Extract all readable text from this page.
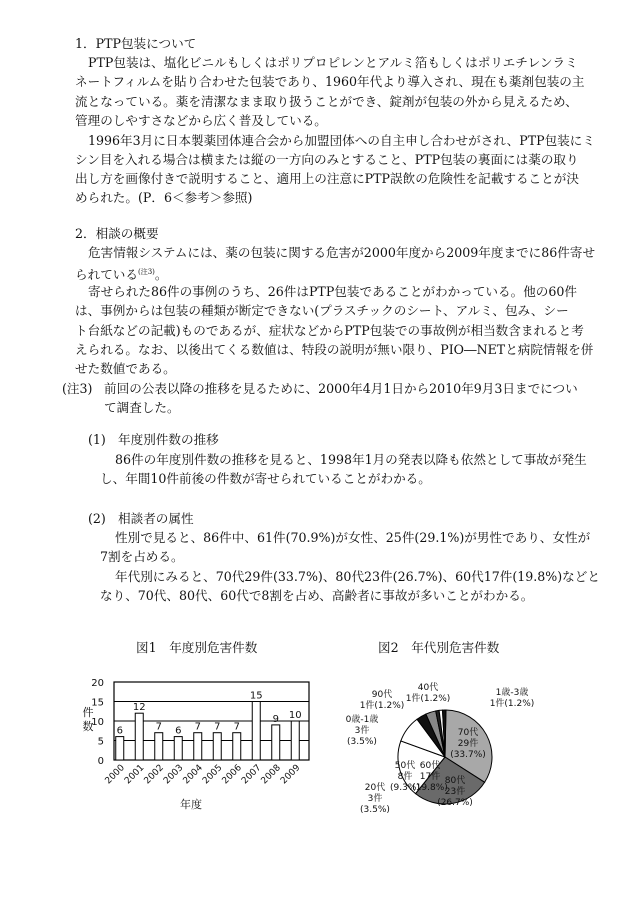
1．PTP包装について
PTP包装は、塩化ビニルもしくはポリプロピレンとアルミ箔もしくはポリエチレンラミ
ネートフィルムを貼り合わせた包装であり、1960年代より導入され、現在も薬剤包装の主
流となっている。薬を清潔なまま取り扱うことができ、錠剤が包装の外から見えるため、
管理のしやすさなどから広く普及している。
1996年3月に日本製薬団体連合会から加盟団体への自主申し合わせがされ、PTP包装にミ
シン目を入れる場合は横または縦の一方向のみとすること、PTP包装の裏面には薬の取り
出し方を画像付きで説明すること、適用上の注意にPTP誤飲の危険性を記載することが決
められた。(P．6＜参考＞参照)
2．相談の概要
危害情報システムには、薬の包装に関する危害が2000年度から2009年度までに86件寄せ
られている$^{(注3)}$。
寄せられた86件の事例のうち、26件はPTP包装であることがわかっている。他の60件
は、事例からは包装の種類が断定できない(プラスチックのシート、アルミ、包み、シー
ト台紙などの記載)ものであるが、症状などからPTP包装での事故例が相当数含まれると考
えられる。なお、以後出てくる数値は、特段の説明が無い限り、PIO―NETと病院情報を併
せた数値である。
(注3) 前回の公表以降の推移を見るために、2000年4月1日から2010年9月3日までについ
て調査した。
(1) 年度別件数の推移
86件の年度別件数の推移を見ると、1998年1月の発表以降も依然として事故が発生
し、年間10件前後の件数が寄せられていることがわかる。
(2) 相談者の属性
性別で見ると、86件中、61件(70.9%)が女性、25件(29.1%)が男性であり、女性が
7割を占める。
年代別にみると、70代29件(33.7%)、80代23件(26.7%)、60代17件(19.8%)などと
なり、70代、80代、60代で8割を占め、高齢者に事故が多いことがわかる。
図1　年度別危害件数	図2　年代別危害件数
0
5
10
15
20
6
2000
12
2001
7
2002
6
2003
7
2004
7
2005
7
2006
15
2007
9
2008
10
2009
件
数
年度
70代
29件
(33.7%)
80代
23件
(26.7%)
60代
17件
(19.8%)
50代
8件
(9.3%)
20代
3件
(3.5%)
0歳-1歳
3件
(3.5%)
90代
1件(1.2%)
40代
1件(1.2%)
1歳-3歳
1件(1.2%)
